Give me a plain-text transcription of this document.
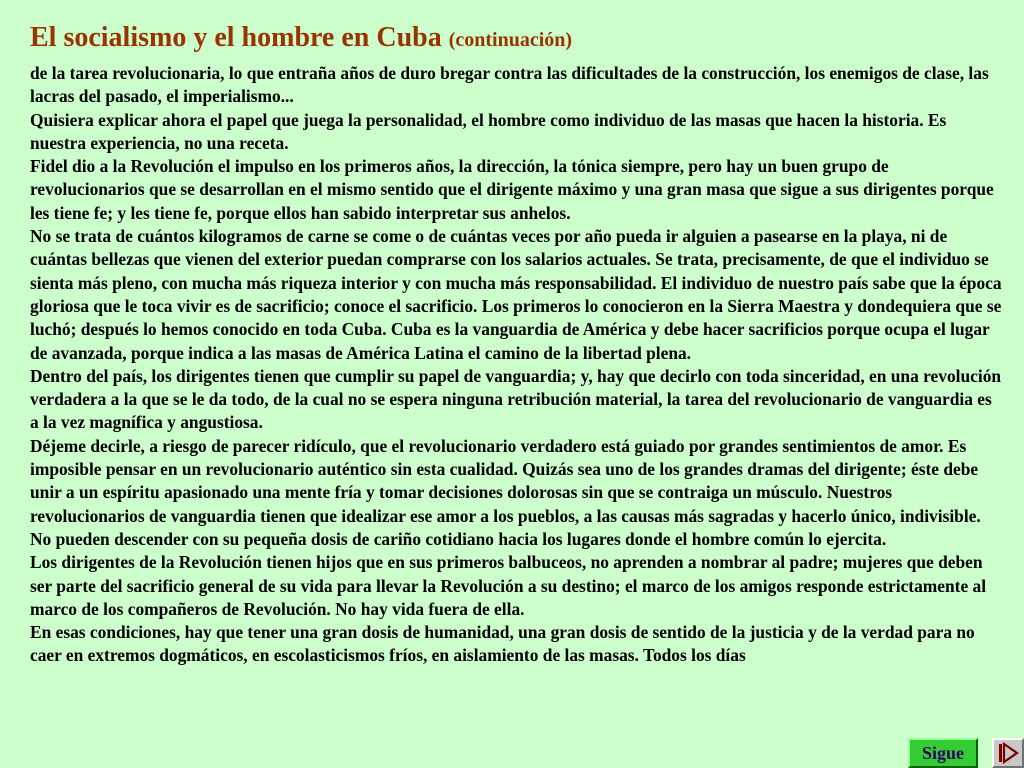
El socialismo y el hombre en Cuba (continuación)

de la tarea revolucionaria, lo que entraña años de duro bregar contra las dificultades de la construcción, los enemigos de clase, las lacras del pasado, el imperialismo...

Quisiera explicar ahora el papel que juega la personalidad, el hombre como individuo de las masas que hacen la historia. Es nuestra experiencia, no una receta.

Fidel dio a la Revolución el impulso en los primeros años, la dirección, la tónica siempre, pero hay un buen grupo de revolucionarios que se desarrollan en el mismo sentido que el dirigente máximo y una gran masa que sigue a sus dirigentes porque les tiene fe; y les tiene fe, porque ellos han sabido interpretar sus anhelos.

No se trata de cuántos kilogramos de carne se come o de cuántas veces por año pueda ir alguien a pasearse en la playa, ni de cuántas bellezas que vienen del exterior puedan comprarse con los salarios actuales. Se trata, precisamente, de que el individuo se sienta más pleno, con mucha más riqueza interior y con mucha más responsabilidad. El individuo de nuestro país sabe que la época gloriosa que le toca vivir es de sacrificio; conoce el sacrificio. Los primeros lo conocieron en la Sierra Maestra y dondequiera que se luchó; después lo hemos conocido en toda Cuba. Cuba es la vanguardia de América y debe hacer sacrificios porque ocupa el lugar de avanzada, porque indica a las masas de América Latina el camino de la libertad plena.

Dentro del país, los dirigentes tienen que cumplir su papel de vanguardia; y, hay que decirlo con toda sinceridad, en una revolución verdadera a la que se le da todo, de la cual no se espera ninguna retribución material, la tarea del revolucionario de vanguardia es a la vez magnífica y angustiosa.

Déjeme decirle, a riesgo de parecer ridículo, que el revolucionario verdadero está guiado por grandes sentimientos de amor. Es imposible pensar en un revolucionario auténtico sin esta cualidad. Quizás sea uno de los grandes dramas del dirigente; éste debe unir a un espíritu apasionado una mente fría y tomar decisiones dolorosas sin que se contraiga un músculo. Nuestros revolucionarios de vanguardia tienen que idealizar ese amor a los pueblos, a las causas más sagradas y hacerlo único, indivisible. No pueden descender con su pequeña dosis de cariño cotidiano hacia los lugares donde el hombre común lo ejercita.

Los dirigentes de la Revolución tienen hijos que en sus primeros balbuceos, no aprenden a nombrar al padre; mujeres que deben ser parte del sacrificio general de su vida para llevar la Revolución a su destino; el marco de los amigos responde estrictamente al marco de los compañeros de Revolución. No hay vida fuera de ella.

En esas condiciones, hay que tener una gran dosis de humanidad, una gran dosis de sentido de la justicia y de la verdad para no caer en extremos dogmáticos, en escolasticismos fríos, en aislamiento de las masas. Todos los días

Sigue
